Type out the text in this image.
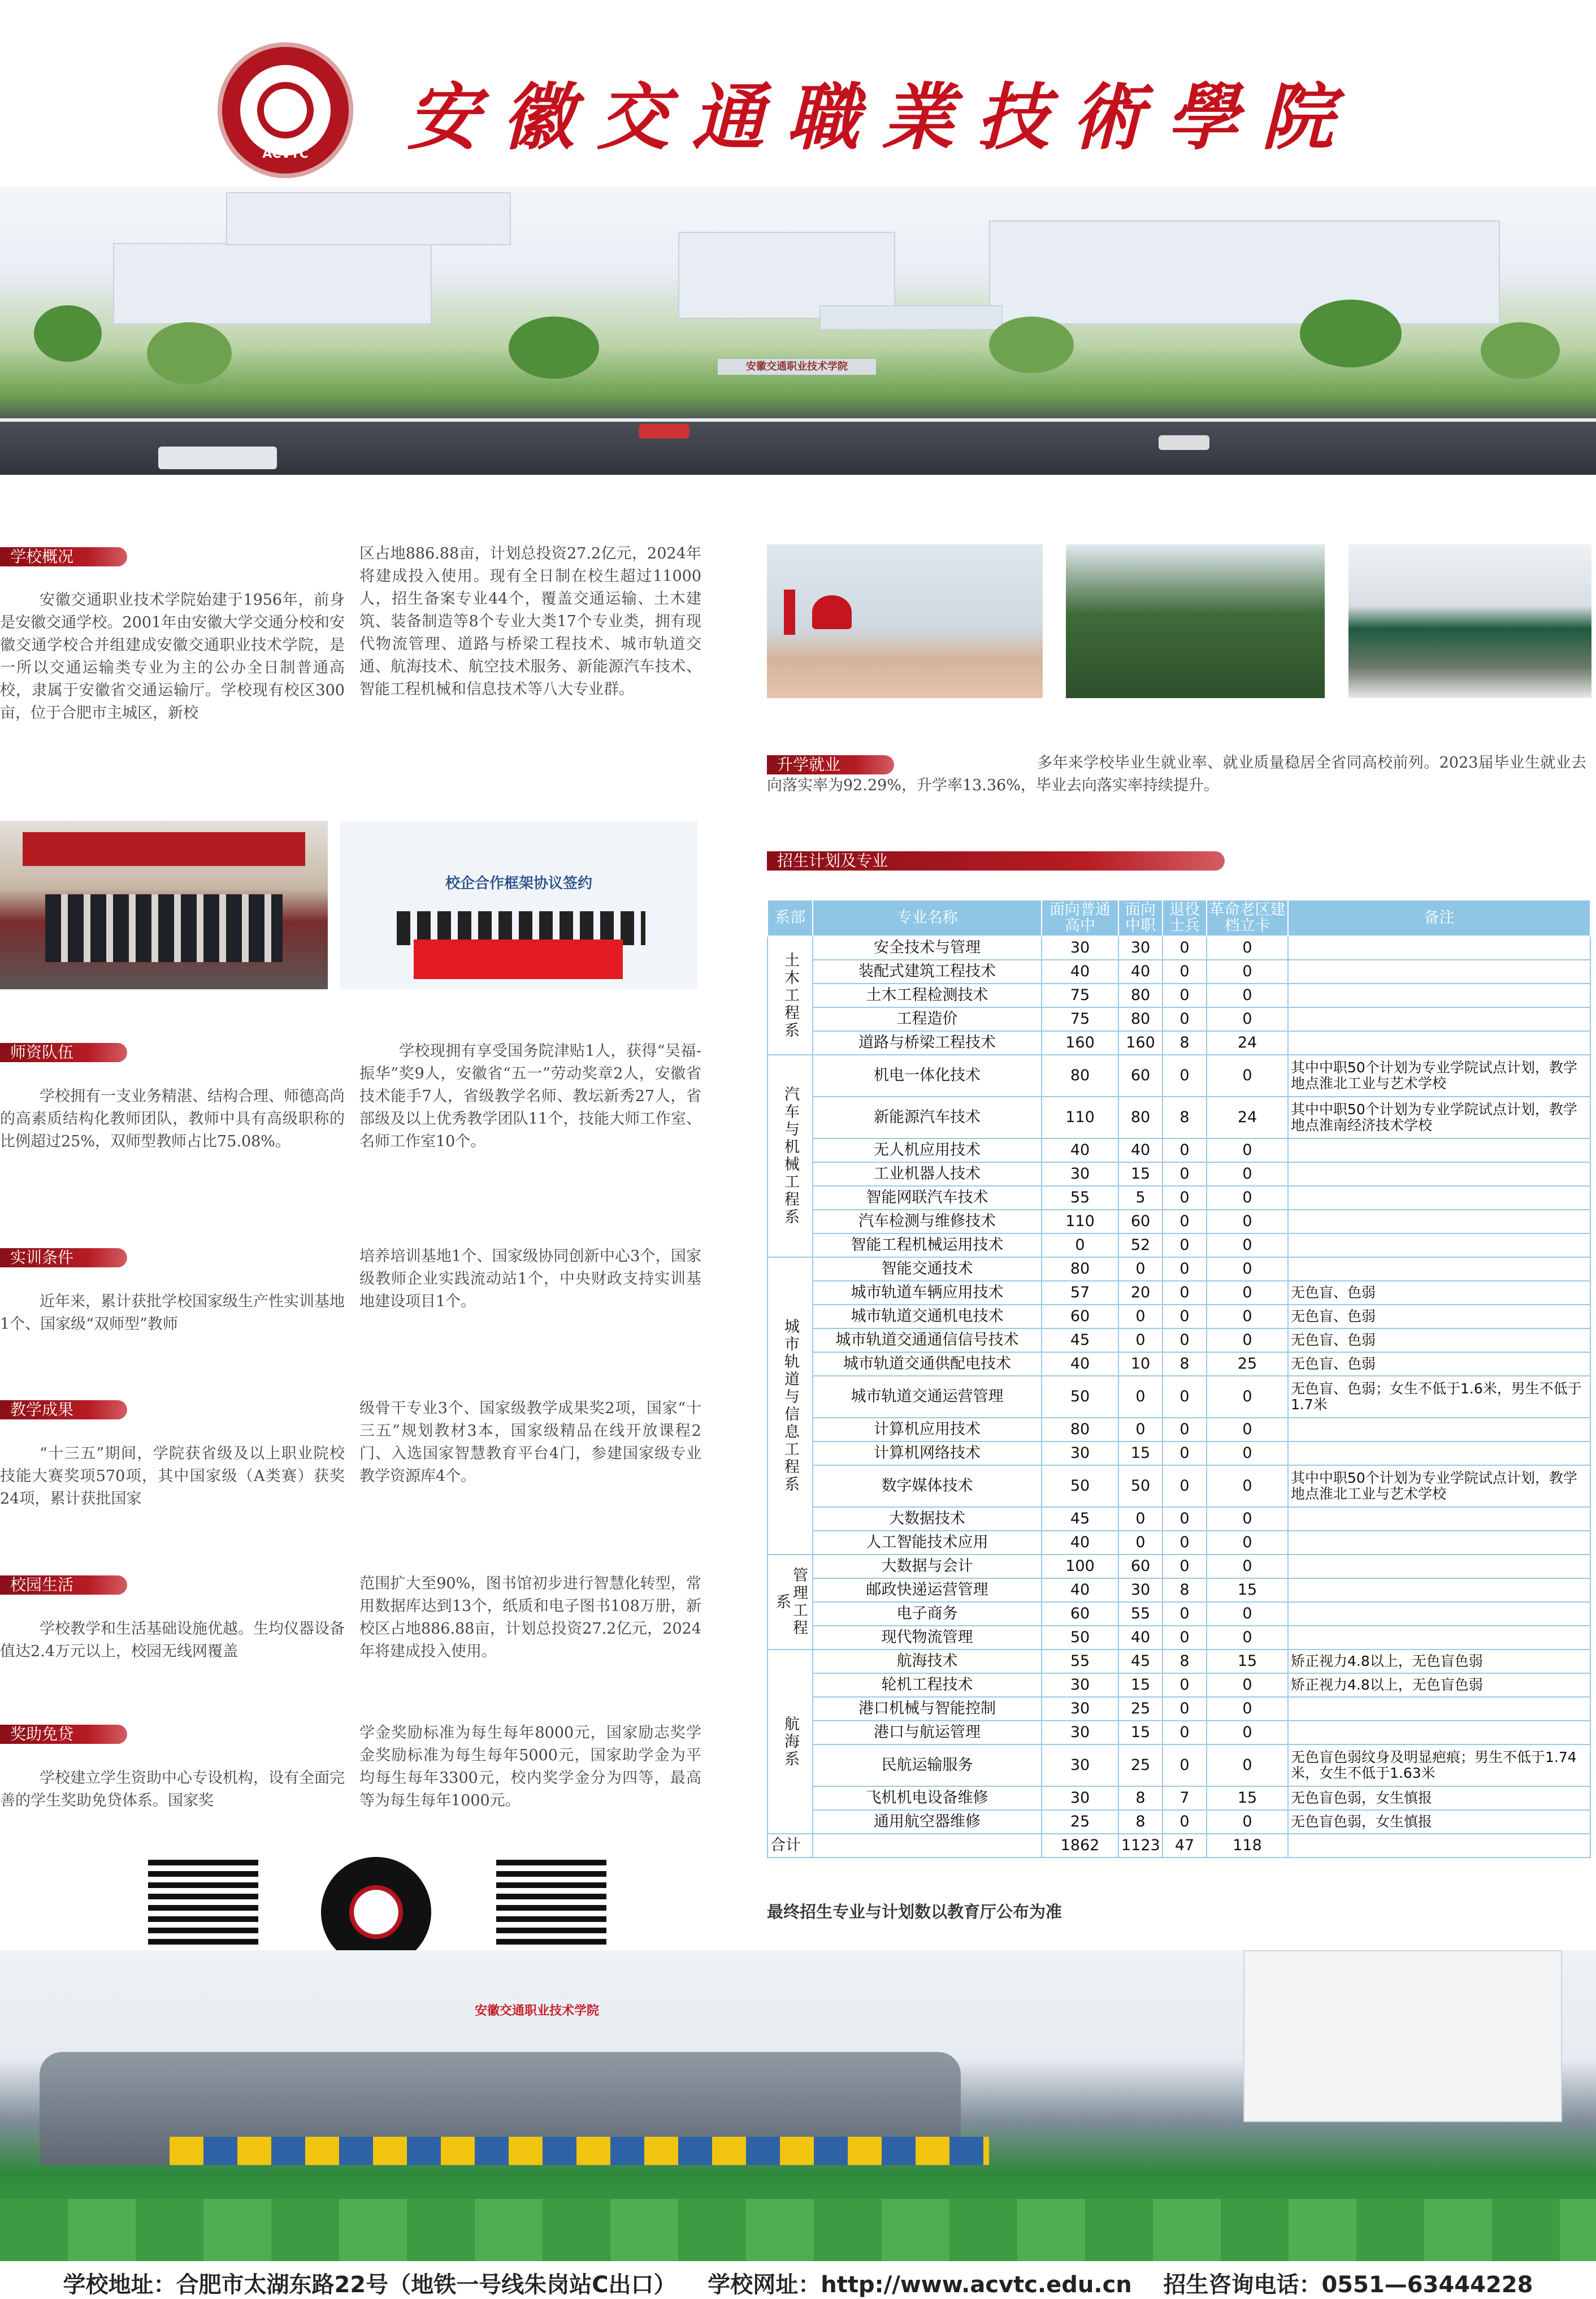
ACVTC	安徽交通職業技術學院
安徽交通职业技术学院
学校概况
安徽交通职业技术学院始建于1956年，前身是安徽交通学校。2001年由安徽大学交通分校和安徽交通学校合并组建成安徽交通职业技术学院，是一所以交通运输类专业为主的公办全日制普通高校，隶属于安徽省交通运输厅。学校现有校区300亩，位于合肥市主城区，新校
区占地886.88亩，计划总投资27.2亿元，2024年将建成投入使用。现有全日制在校生超过11000人，招生备案专业44个，覆盖交通运输、土木建筑、装备制造等8个专业大类17个专业类，拥有现代物流管理、道路与桥梁工程技术、城市轨道交通、航海技术、航空技术服务、新能源汽车技术、智能工程机械和信息技术等八大专业群。
校企合作框架协议签约
师资队伍
学校拥有一支业务精湛、结构合理、师德高尚的高素质结构化教师团队，教师中具有高级职称的比例超过25%，双师型教师占比75.08%。
学校现拥有享受国务院津贴1人，获得“吴福-振华”奖9人，安徽省“五一”劳动奖章2人，安徽省技术能手7人，省级教学名师、教坛新秀27人，省部级及以上优秀教学团队11个，技能大师工作室、名师工作室10个。
实训条件
近年来，累计获批学校国家级生产性实训基地1个、国家级“双师型”教师
培养培训基地1个、国家级协同创新中心3个，国家级教师企业实践流动站1个，中央财政支持实训基地建设项目1个。
教学成果
“十三五”期间，学院获省级及以上职业院校技能大赛奖项570项，其中国家级（A类赛）获奖24项，累计获批国家
级骨干专业3个、国家级教学成果奖2项，国家“十三五”规划教材3本，国家级精品在线开放课程2门、入选国家智慧教育平台4门，参建国家级专业教学资源库4个。
校园生活
学校教学和生活基础设施优越。生均仪器设备值达2.4万元以上，校园无线网覆盖
范围扩大至90%，图书馆初步进行智慧化转型，常用数据库达到13个，纸质和电子图书108万册，新校区占地886.88亩，计划总投资27.2亿元，2024年将建成投入使用。
奖助免贷
学校建立学生资助中心专设机构，设有全面完善的学生奖助免贷体系。国家奖
学金奖励标准为每生每年8000元，国家励志奖学金奖励标准为每生每年5000元，国家助学金为平均每生每年3300元，校内奖学金分为四等，最高等为每生每年1000元。
升学就业	多年来学校毕业生就业率、就业质量稳居全省同高校前列。2023届毕业生就业去向落实率为92.29%，升学率13.36%，毕业去向落实率持续提升。
招生计划及专业
系部	专业名称	面向普通高中	面向中职	退役士兵	革命老区建档立卡	备注
土木工程系	安全技术与管理	30	30	0	0	
	装配式建筑工程技术	40	40	0	0	
	土木工程检测技术	75	80	0	0	
	工程造价	75	80	0	0	
	道路与桥梁工程技术	160	160	8	24	
汽车与机械工程系	机电一体化技术	80	60	0	0	其中中职50个计划为专业学院试点计划，教学地点淮北工业与艺术学校
	新能源汽车技术	110	80	8	24	其中中职50个计划为专业学院试点计划，教学地点淮南经济技术学校
	无人机应用技术	40	40	0	0	
	工业机器人技术	30	15	0	0	
	智能网联汽车技术	55	5	0	0	
	汽车检测与维修技术	110	60	0	0	
	智能工程机械运用技术	0	52	0	0	
城市轨道与信息工程系	智能交通技术	80	0	0	0	
	城市轨道车辆应用技术	57	20	0	0	无色盲、色弱
	城市轨道交通机电技术	60	0	0	0	无色盲、色弱
	城市轨道交通通信信号技术	45	0	0	0	无色盲、色弱
	城市轨道交通供配电技术	40	10	8	25	无色盲、色弱
	城市轨道交通运营管理	50	0	0	0	无色盲、色弱；女生不低于1.6米，男生不低于1.7米
	计算机应用技术	80	0	0	0	
	计算机网络技术	30	15	0	0	
	数字媒体技术	50	50	0	0	其中中职50个计划为专业学院试点计划，教学地点淮北工业与艺术学校
	大数据技术	45	0	0	0	
	人工智能技术应用	40	0	0	0	
管理工程系	大数据与会计	100	60	0	0	
	邮政快递运营管理	40	30	8	15	
	电子商务	60	55	0	0	
	现代物流管理	50	40	0	0	
航海系	航海技术	55	45	8	15	矫正视力4.8以上，无色盲色弱
	轮机工程技术	30	15	0	0	矫正视力4.8以上，无色盲色弱
	港口机械与智能控制	30	25	0	0	
	港口与航运管理	30	15	0	0	
	民航运输服务	30	25	0	0	无色盲色弱纹身及明显疤痕；男生不低于1.74米，女生不低于1.63米
	飞机机电设备维修	30	8	7	15	无色盲色弱，女生慎报
	通用航空器维修	25	8	0	0	无色盲色弱，女生慎报
合计		1862	1123	47	118	
最终招生专业与计划数以教育厅公布为准
安徽交通职业技术学院
学校地址：合肥市太湖东路22号（地铁一号线朱岗站C出口） 学校网址：http://www.acvtc.edu.cn 招生咨询电话：0551—63444228
